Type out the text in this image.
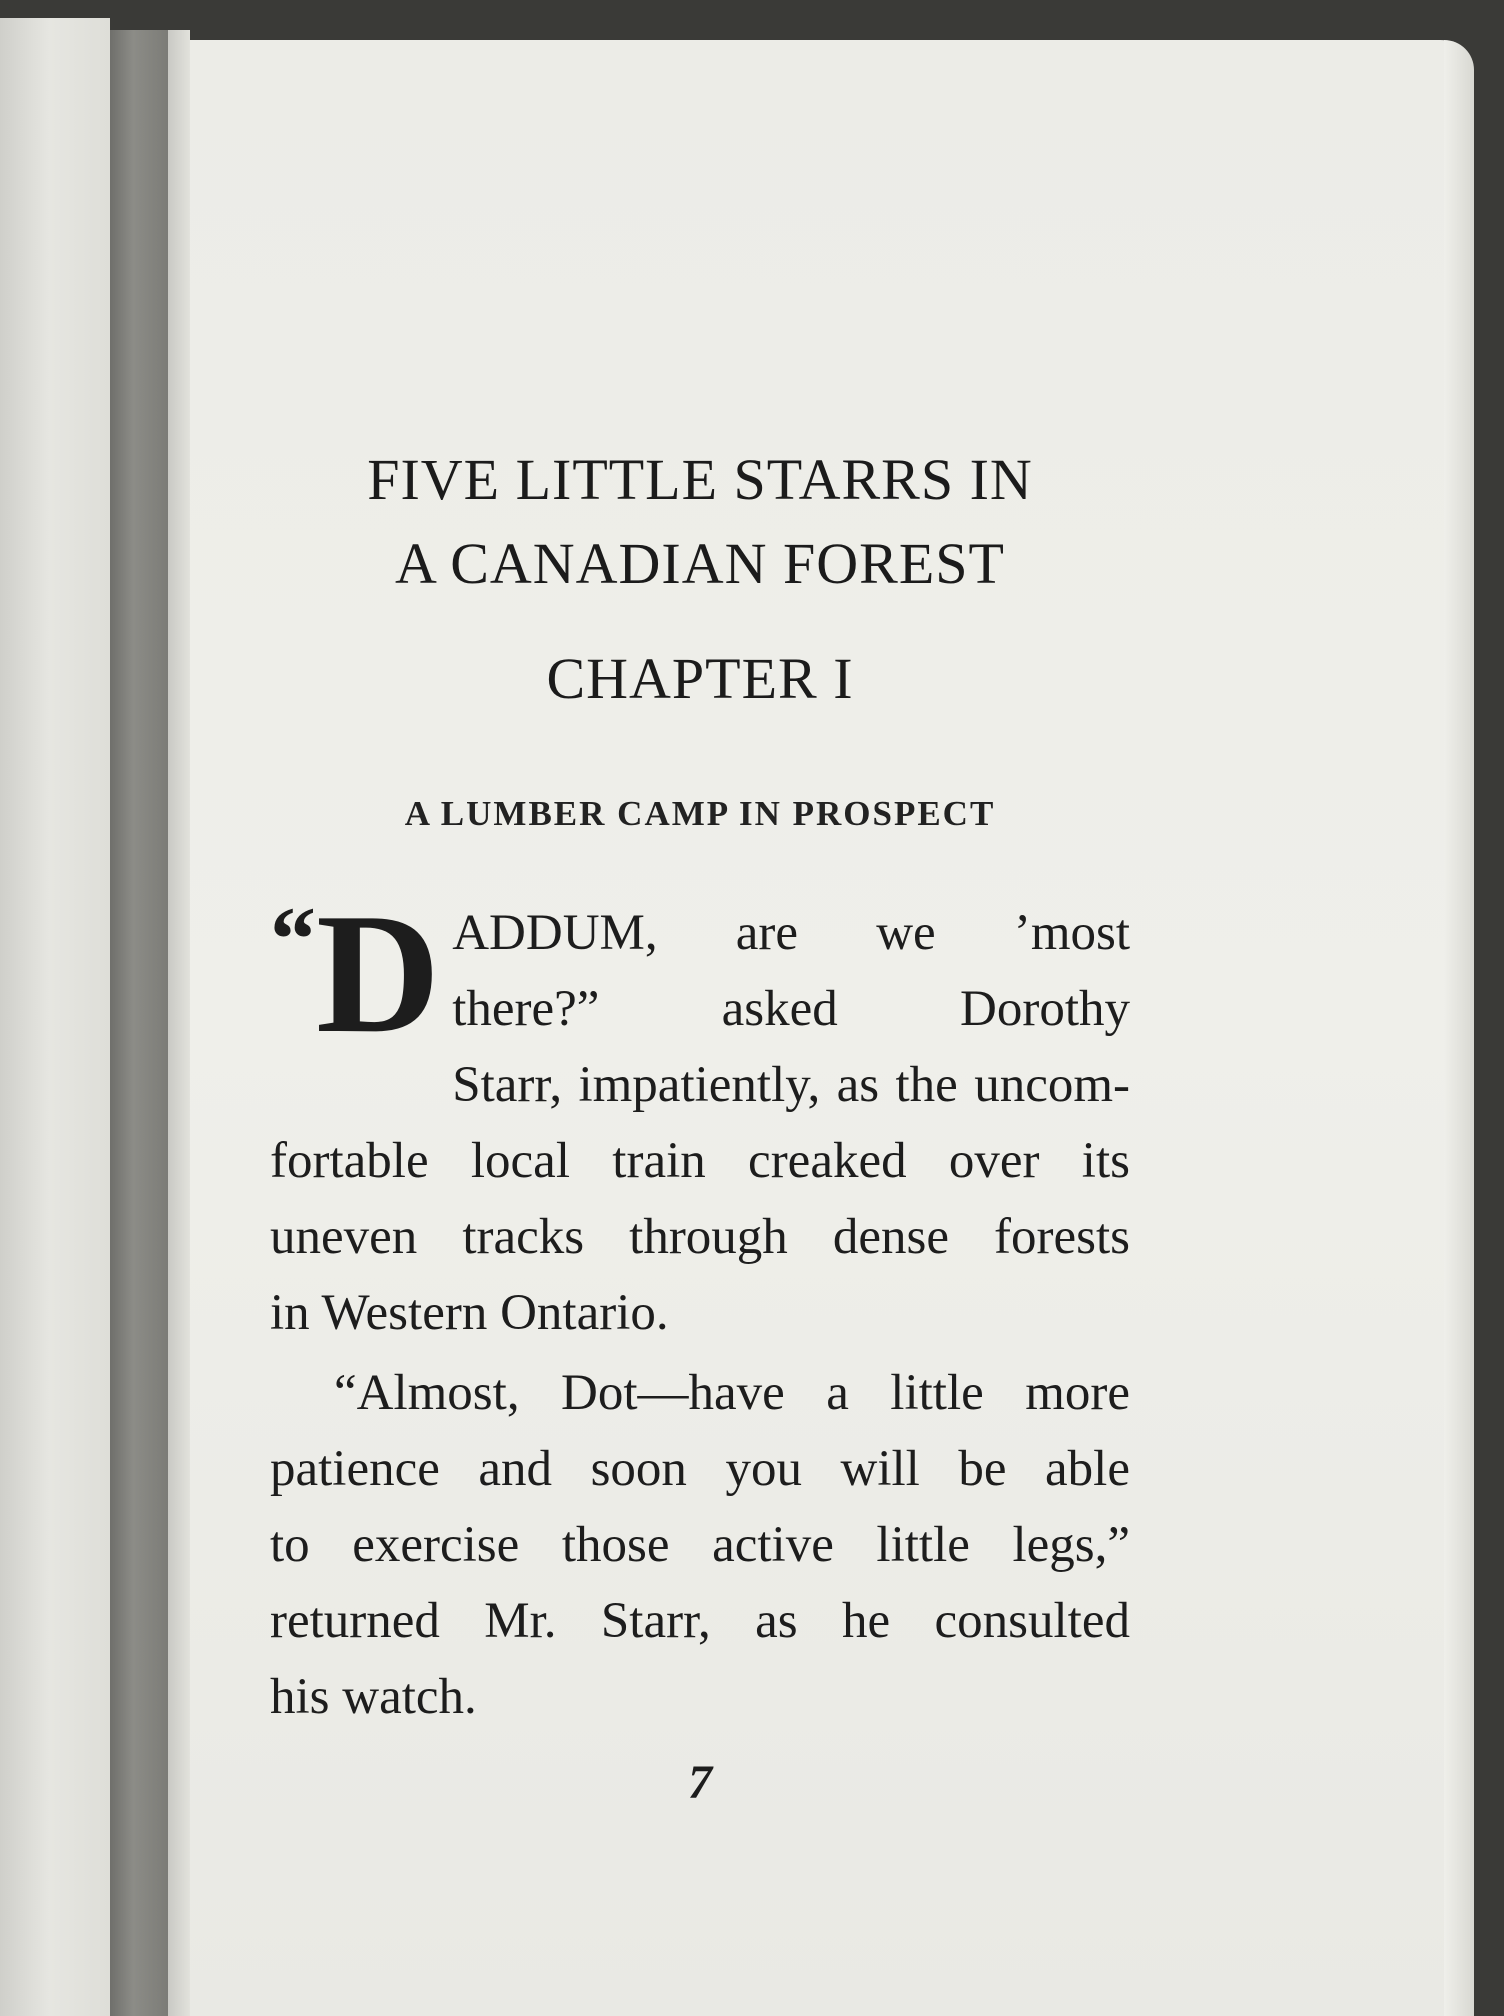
FIVE LITTLE STARRS IN
A CANADIAN FOREST
CHAPTER I
A LUMBER CAMP IN PROSPECT
“D ADDUM, are we ’most
there?” asked Dorothy
Starr, impatiently, as the uncom-
fortable local train creaked over its
uneven tracks through dense forests
in Western Ontario.
“Almost, Dot—have a little more
patience and soon you will be able
to exercise those active little legs,”
returned Mr. Starr, as he consulted
his watch.
7
